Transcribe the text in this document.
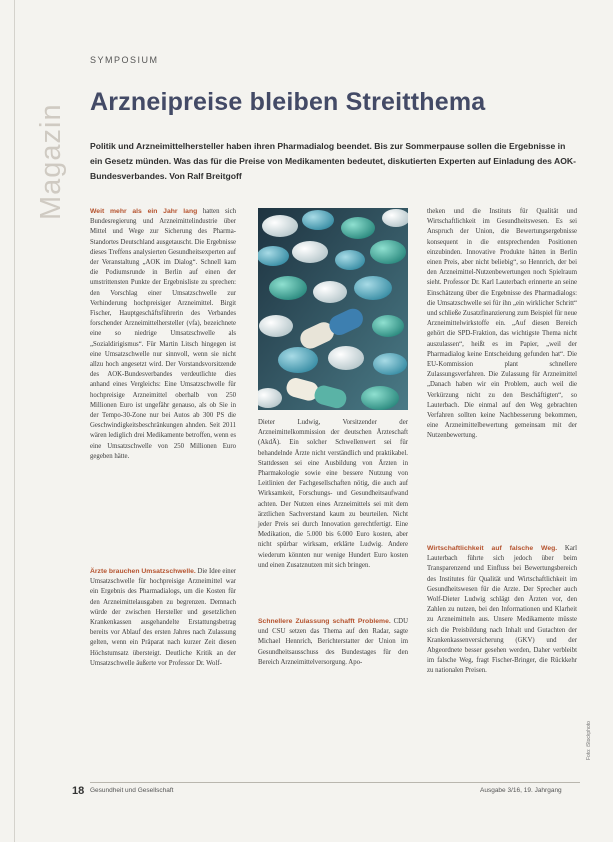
Magazin
SYMPOSIUM
Arzneipreise bleiben Streitthema
Politik und Arzneimittelhersteller haben ihren Pharmadialog beendet. Bis zur Sommerpause sollen die Ergebnisse in ein Gesetz münden. Was das für die Preise von Medikamenten bedeutet, diskutierten Experten auf Einladung des AOK-Bundesverbandes. Von Ralf Breitgoff
Weit mehr als ein Jahr lang hatten sich Bundesregierung und Arzneimittelindustrie über Mittel und Wege zur Sicherung des Pharma-Standortes Deutschland ausgetauscht. Die Ergebnisse dieses Treffens analysierten Gesundheitsexperten auf der Veranstaltung „AOK im Dialog“. Schnell kam die Podiumsrunde in Berlin auf einen der umstrittensten Punkte der Ergebnisliste zu sprechen: den Vorschlag einer Umsatzschwelle zur Verhinderung hochpreisiger Arzneimittel. Birgit Fischer, Hauptgeschäftsführerin des Verbandes forschender Arzneimittelhersteller (vfa), bezeichnete eine so niedrige Umsatzschwelle als „Sozialdirigismus“. Für Martin Litsch hingegen ist eine Umsatzschwelle nur sinnvoll, wenn sie nicht allzu hoch angesetzt wird. Der Vorstandsvorsitzende des AOK-Bundesverbandes verdeutlichte dies anhand eines Vergleichs: Eine Umsatzschwelle für hochpreisige Arzneimittel oberhalb von 250 Millionen Euro ist ungefähr genauso, als ob Sie in der Tempo-30-Zone nur bei Autos ab 300 PS die Geschwindigkeitsbeschränkungen ahnden. Seit 2011 wären lediglich drei Medikamente betroffen, wenn es eine Umsatzschwelle von 250 Millionen Euro gegeben hätte.
Ärzte brauchen Umsatzschwelle. Die Idee einer Umsatzschwelle für hochpreisige Arzneimittel war ein Ergebnis des Pharmadialogs, um die Kosten für den Arzneimittelausgaben zu begrenzen. Demnach würde der zwischen Hersteller und gesetzlichen Krankenkassen ausgehandelte Erstattungsbetrag bereits vor Ablauf des ersten Jahres nach Zulassung gelten, wenn ein Präparat nach kurzer Zeit diesen Höchstumsatz übersteigt. Deutliche Kritik an der Umsatzschwelle äußerte vor Professor Dr. Wolf-
Dieter Ludwig, Vorsitzender der Arzneimittelkommission der deutschen Ärzteschaft (AkdÄ). Ein solcher Schwellenwert sei für behandelnde Ärzte nicht verständlich und praktikabel. Stattdessen sei eine Ausbildung von Ärzten in Pharmakologie sowie eine bessere Nutzung von Leitlinien der Fachgesellschaften nötig, die auch auf Wirksamkeit, Forschungs- und Gesundheitsaufwand achten. Der Nutzen eines Arzneimittels sei mit dem ärztlichen Sachverstand kaum zu beurteilen. Nicht jeder Preis sei durch Innovation gerechtfertigt. Eine Medikation, die 5.000 bis 6.000 Euro kosten, aber nicht spürbar wirksam, erklärte Ludwig. Andere wiederum könnten nur wenige Hundert Euro kosten und einen Zusatznutzen mit sich bringen.
Schnellere Zulassung schafft Probleme. CDU und CSU setzen das Thema auf den Radar, sagte Michael Hennrich, Berichterstatter der Union im Gesundheitsausschuss des Bundestages für den Bereich Arzneimittelversorgung. Apo-
theken und die Instituts für Qualität und Wirtschaftlichkeit im Gesundheitswesen. Es sei Anspruch der Union, die Bewertungsergebnisse konsequent in die entsprechenden Positionen einzubinden. Innovative Produkte hätten in Berlin einen Preis, aber nicht beliebig“, so Hennrich, der bei den Arzneimittel-Nutzenbewertungen noch Spielraum sieht. Professor Dr. Karl Lauterbach erinnerte an seine Einschätzung über die Ergebnisse des Pharmadialogs: die Umsatzschwelle sei für ihn „ein wirklicher Schritt“ und schließe Zusatzfinanzierung zum Beispiel für neue Arzneimittelwirkstoffe ein. „Auf diesen Bereich gehört die SPD-Fraktion, das wichtigste Thema nicht auszulassen“, heißt es im Papier, „weil der Pharmadialog keine Entscheidung gefunden hat“. Die EU-Kommission plant schnellere Zulassungsverfahren. Die Zulassung für Arzneimittel „Danach haben wir ein Problem, auch weil die Verkürzung nicht zu den Beschäftigten“, so Lauterbach. Die einmal auf den Weg gebrachten Verfahren sollten keine Nachbesserung bekommen, eine Arzneimittelbewertung gemeinsam mit der Nutzenbewertung.
Wirtschaftlichkeit auf falsche Weg. Karl Lauterbach führte sich jedoch über beim Transparenzend und Einfluss bei Bewertungsbereich des Institutes für Qualität und Wirtschaftlichkeit im Gesundheitswesen für die Arzte. Der Sprecher auch Wolf-Dieter Ludwig schlägt den Ärzten vor, den Zahlen zu nutzen, bei den Informationen und Klarheit zu Arzneimitteln aus. Unsere Medikamente müsste sich die Preisbildung nach Inhalt und Gutachten der Krankenkassenversicherung (GKV) und der Abgeordnete besser gesehen werden, Daher verbleibt im falsche Weg, fragt Fischer-Bringer, die Rückkehr zu nationalen Preisen.
Foto: iStockphoto
18 Gesundheit und Gesellschaft	Ausgabe 3/16, 19. Jahrgang
